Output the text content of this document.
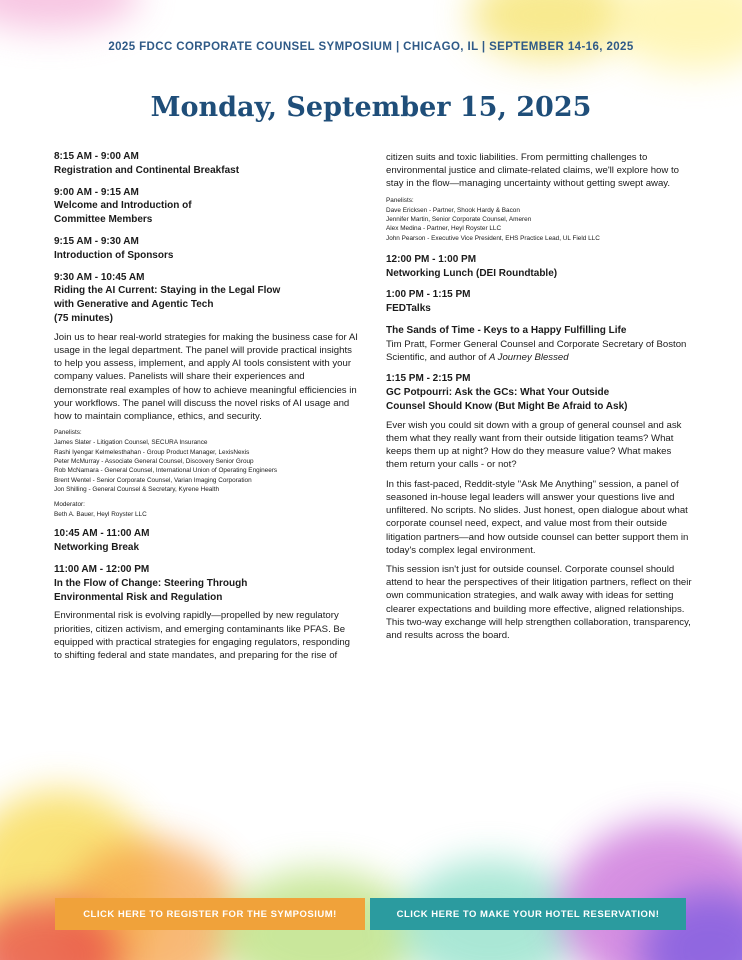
2025 FDCC CORPORATE COUNSEL SYMPOSIUM | CHICAGO, IL | SEPTEMBER 14-16, 2025
Monday, September 15, 2025
8:15 AM - 9:00 AM
Registration and Continental Breakfast
9:00 AM - 9:15 AM
Welcome and Introduction of
Committee Members
9:15 AM - 9:30 AM
Introduction of Sponsors
9:30 AM - 10:45 AM
Riding the AI Current: Staying in the Legal Flow
with Generative and Agentic Tech
(75 minutes)
Join us to hear real-world strategies for making the business case for AI usage in the legal department. The panel will provide practical insights to help you assess, implement, and apply AI tools consistent with your company values. Panelists will share their experiences and demonstrate real examples of how to achieve meaningful efficiencies in your workflows. The panel will discuss the novel risks of AI usage and how to maintain compliance, ethics, and security.
Panelists:
James Slater - Litigation Counsel, SECURA Insurance
Rashi Iyengar Kelmelesthahan - Group Product Manager, LexisNexis
Peter McMurray - Associate General Counsel, Discovery Senior Group
Rob McNamara - General Counsel, International Union of Operating Engineers
Brent Wentel - Senior Corporate Counsel, Varian Imaging Corporation
Jon Shilling - General Counsel & Secretary, Kyrene Health
Moderator:
Beth A. Bauer, Heyl Royster LLC
10:45 AM - 11:00 AM
Networking Break
11:00 AM - 12:00 PM
In the Flow of Change: Steering Through
Environmental Risk and Regulation
Environmental risk is evolving rapidly—propelled by new regulatory priorities, citizen activism, and emerging contaminants like PFAS. Be equipped with practical strategies for engaging regulators, responding to shifting federal and state mandates, and preparing for the rise of
citizen suits and toxic liabilities. From permitting challenges to environmental justice and climate-related claims, we'll explore how to stay in the flow—managing uncertainty without getting swept away.
Panelists:
Dave Ericksen - Partner, Shook Hardy & Bacon
Jennifer Martin, Senior Corporate Counsel, Ameren
Alex Medina - Partner, Heyl Royster LLC
John Pearson - Executive Vice President, EHS Practice Lead, UL Field LLC
12:00 PM - 1:00 PM
Networking Lunch (DEI Roundtable)
1:00 PM - 1:15 PM
FEDTalks
The Sands of Time - Keys to a Happy Fulfilling Life
Tim Pratt, Former General Counsel and Corporate Secretary of Boston Scientific, and author of A Journey Blessed
1:15 PM - 2:15 PM
GC Potpourri: Ask the GCs: What Your Outside
Counsel Should Know (But Might Be Afraid to Ask)
Ever wish you could sit down with a group of general counsel and ask them what they really want from their outside litigation teams? What keeps them up at night? How do they measure value? What makes them return your calls - or not?
In this fast-paced, Reddit-style "Ask Me Anything" session, a panel of seasoned in-house legal leaders will answer your questions live and unfiltered. No scripts. No slides. Just honest, open dialogue about what corporate counsel need, expect, and value most from their outside litigation partners—and how outside counsel can better support them in today's complex legal environment.
This session isn't just for outside counsel. Corporate counsel should attend to hear the perspectives of their litigation partners, reflect on their own communication strategies, and walk away with ideas for setting clearer expectations and building more effective, aligned relationships. This two-way exchange will help strengthen collaboration, transparency, and results across the board.
CLICK HERE TO REGISTER FOR THE SYMPOSIUM!	CLICK HERE TO MAKE YOUR HOTEL RESERVATION!
